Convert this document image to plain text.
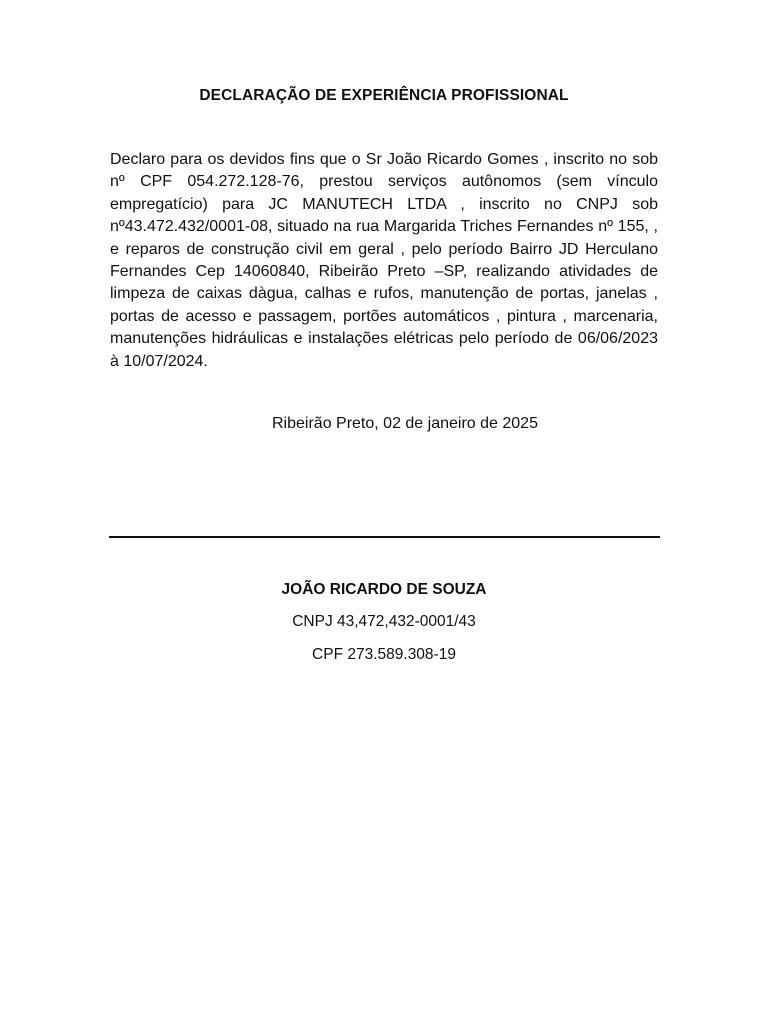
DECLARAÇÃO DE EXPERIÊNCIA PROFISSIONAL
Declaro para os devidos fins que o Sr João Ricardo Gomes , inscrito no sob nº CPF 054.272.128-76, prestou serviços autônomos (sem vínculo empregatício) para JC MANUTECH LTDA , inscrito no CNPJ sob nº43.472.432/0001-08, situado na rua Margarida Triches Fernandes nº 155, , e reparos de construção civil em geral , pelo período Bairro JD Herculano Fernandes Cep 14060840, Ribeirão Preto –SP, realizando atividades de limpeza de caixas dàgua, calhas e rufos, manutenção de portas, janelas , portas de acesso e passagem, portões automáticos , pintura , marcenaria, manutenções hidráulicas e instalações elétricas pelo período de 06/06/2023 à 10/07/2024.
Ribeirão Preto, 02 de janeiro de 2025
JOÃO RICARDO DE SOUZA
CNPJ 43,472,432-0001/43
CPF 273.589.308-19
